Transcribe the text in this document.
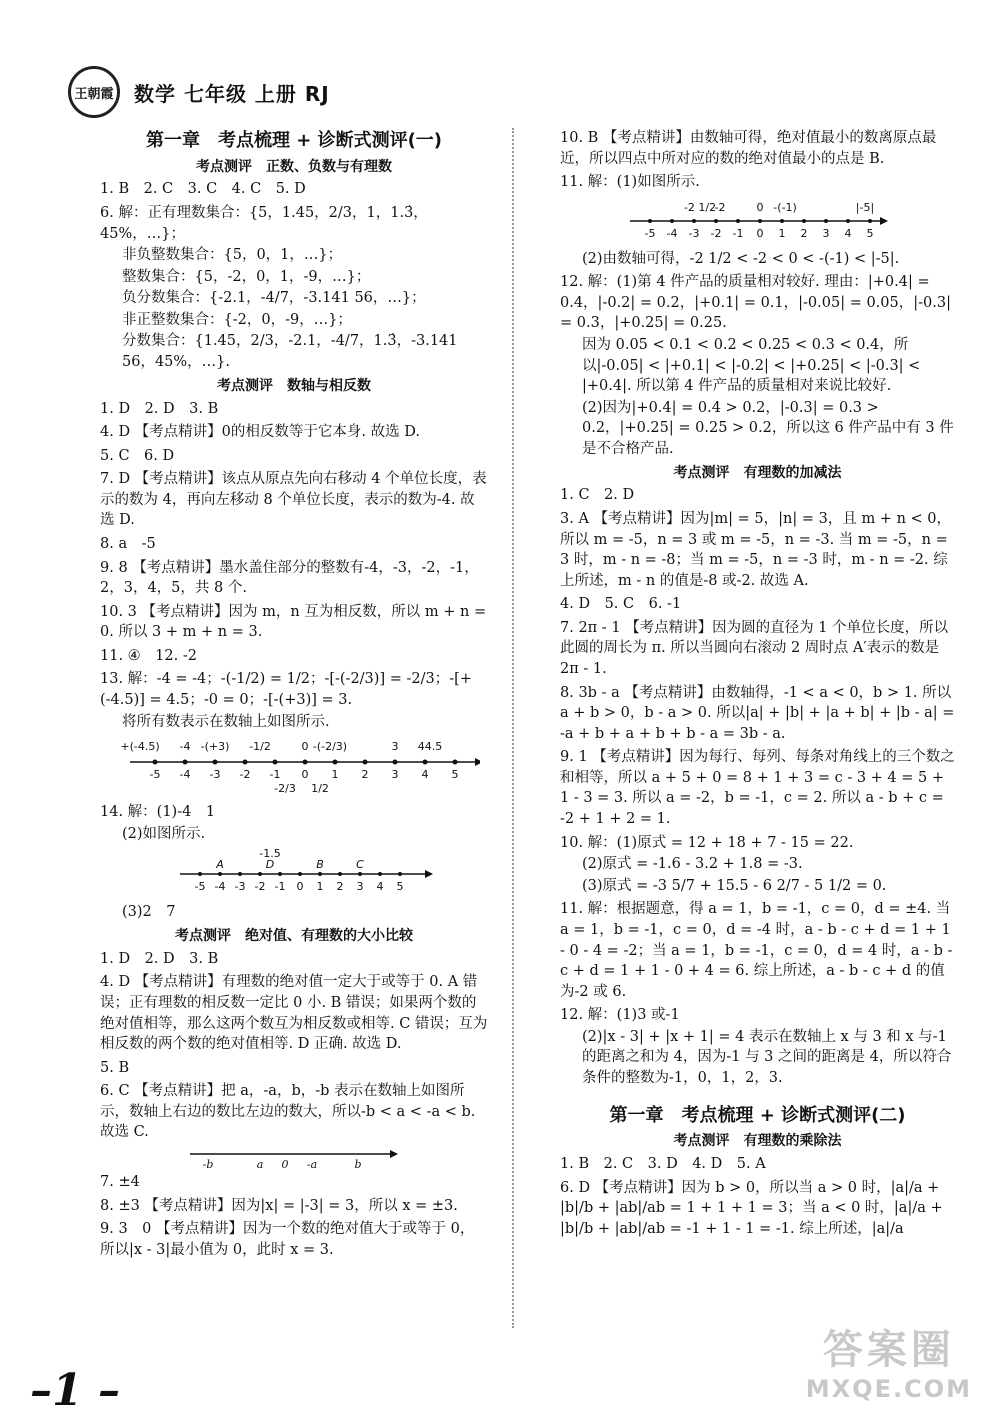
王朝霞 数学 七年级 上册 RJ
第一章　考点梳理 + 诊断式测评(一)
考点测评　正数、负数与有理数
1. B　2. C　3. C　4. C　5. D
6. 解：正有理数集合：{5，1.45，2/3，1，1.3̇，45%，…}；
非负整数集合：{5，0，1，…}；
整数集合：{5，-2，0，1，-9，…}；
负分数集合：{-2.1，-4/7，-3.141 56，…}；
非正整数集合：{-2，0，-9，…}；
分数集合：{1.45，2/3，-2.1，-4/7，1.3̇，-3.141 56，45%，…}.
考点测评　数轴与相反数
1. D　2. D　3. B
4. D 【考点精讲】0的相反数等于它本身. 故选 D.
5. C　6. D
7. D 【考点精讲】该点从原点先向右移动 4 个单位长度，表示的数为 4，再向左移动 8 个单位长度，表示的数为-4. 故选 D.
8. a　-5
9. 8 【考点精讲】墨水盖住部分的整数有-4，-3，-2，-1，2，3，4，5，共 8 个.
10. 3 【考点精讲】因为 m，n 互为相反数，所以 m + n = 0. 所以 3 + m + n = 3.
11. ④　12. -2
13. 解：-4 = -4；-(-1/2) = 1/2；-[-(-2/3)] = -2/3；-[+(-4.5)] = 4.5；-0 = 0；-[-(+3)] = 3.
将所有数表示在数轴上如图所示.
-5 -4 -3 -2 -1 0 1 2 3 4 5
+(-4.5) -4 -(+3) -1/2	0 -(-2/3)	3 44.5
-2/3 1/2
14. 解：(1)-4　1
(2)如图所示.
-5 -4 -3 -2 -1 0 1 2 3 4 5
A	D	B	C
-1.5
(3)2　7
考点测评　绝对值、有理数的大小比较
1. D　2. D　3. B
4. D 【考点精讲】有理数的绝对值一定大于或等于 0. A 错误；正有理数的相反数一定比 0 小. B 错误；如果两个数的绝对值相等，那么这两个数互为相反数或相等. C 错误；互为相反数的两个数的绝对值相等. D 正确. 故选 D.
5. B
6. C 【考点精讲】把 a，-a，b，-b 表示在数轴上如图所示，数轴上右边的数比左边的数大，所以-b < a < -a < b. 故选 C.
-b	a 0 -a	b
7. ±4
8. ±3 【考点精讲】因为|x| = |-3| = 3，所以 x = ±3.
9. 3　0 【考点精讲】因为一个数的绝对值大于或等于 0，所以|x - 3|最小值为 0，此时 x = 3.
10. B 【考点精讲】由数轴可得，绝对值最小的数离原点最近，所以四点中所对应的数的绝对值最小的点是 B.
11. 解：(1)如图所示.
-5 -4 -3 -2 -1 0 1 2 3 4 5
-2 1/2
-2	0 -(-1)	|-5|
(2)由数轴可得，-2 1/2 < -2 < 0 < -(-1) < |-5|.
12. 解：(1)第 4 件产品的质量相对较好. 理由：|+0.4| = 0.4，|-0.2| = 0.2，|+0.1| = 0.1，|-0.05| = 0.05，|-0.3| = 0.3，|+0.25| = 0.25.
因为 0.05 < 0.1 < 0.2 < 0.25 < 0.3 < 0.4，所以|-0.05| < |+0.1| < |-0.2| < |+0.25| < |-0.3| < |+0.4|. 所以第 4 件产品的质量相对来说比较好.
(2)因为|+0.4| = 0.4 > 0.2，|-0.3| = 0.3 > 0.2，|+0.25| = 0.25 > 0.2，所以这 6 件产品中有 3 件是不合格产品.
考点测评　有理数的加减法
1. C　2. D
3. A 【考点精讲】因为|m| = 5，|n| = 3，且 m + n < 0，所以 m = -5，n = 3 或 m = -5，n = -3. 当 m = -5，n = 3 时，m - n = -8；当 m = -5，n = -3 时，m - n = -2. 综上所述，m - n 的值是-8 或-2. 故选 A.
4. D　5. C　6. -1
7. 2π - 1 【考点精讲】因为圆的直径为 1 个单位长度，所以此圆的周长为 π. 所以当圆向右滚动 2 周时点 A′表示的数是 2π - 1.
8. 3b - a 【考点精讲】由数轴得，-1 < a < 0，b > 1. 所以 a + b > 0，b - a > 0. 所以|a| + |b| + |a + b| + |b - a| = -a + b + a + b + b - a = 3b - a.
9. 1 【考点精讲】因为每行、每列、每条对角线上的三个数之和相等，所以 a + 5 + 0 = 8 + 1 + 3 = c - 3 + 4 = 5 + 1 - 3 = 3. 所以 a = -2，b = -1，c = 2. 所以 a - b + c = -2 + 1 + 2 = 1.
10. 解：(1)原式 = 12 + 18 + 7 - 15 = 22.
(2)原式 = -1.6 - 3.2 + 1.8 = -3.
(3)原式 = -3 5/7 + 15.5 - 6 2/7 - 5 1/2 = 0.
11. 解：根据题意，得 a = 1，b = -1，c = 0，d = ±4. 当 a = 1，b = -1，c = 0，d = -4 时，a - b - c + d = 1 + 1 - 0 - 4 = -2；当 a = 1，b = -1，c = 0，d = 4 时，a - b - c + d = 1 + 1 - 0 + 4 = 6. 综上所述，a - b - c + d 的值为-2 或 6.
12. 解：(1)3 或-1
(2)|x - 3| + |x + 1| = 4 表示在数轴上 x 与 3 和 x 与-1 的距离之和为 4，因为-1 与 3 之间的距离是 4，所以符合条件的整数为-1，0，1，2，3.
第一章　考点梳理 + 诊断式测评(二)
考点测评　有理数的乘除法
1. B　2. C　3. D　4. D　5. A
6. D 【考点精讲】因为 b > 0，所以当 a > 0 时，|a|/a + |b|/b + |ab|/ab = 1 + 1 + 1 = 3；当 a < 0 时，|a|/a + |b|/b + |ab|/ab = -1 + 1 - 1 = -1. 综上所述，|a|/a
–1 –
答案圈
MXQE.COM
